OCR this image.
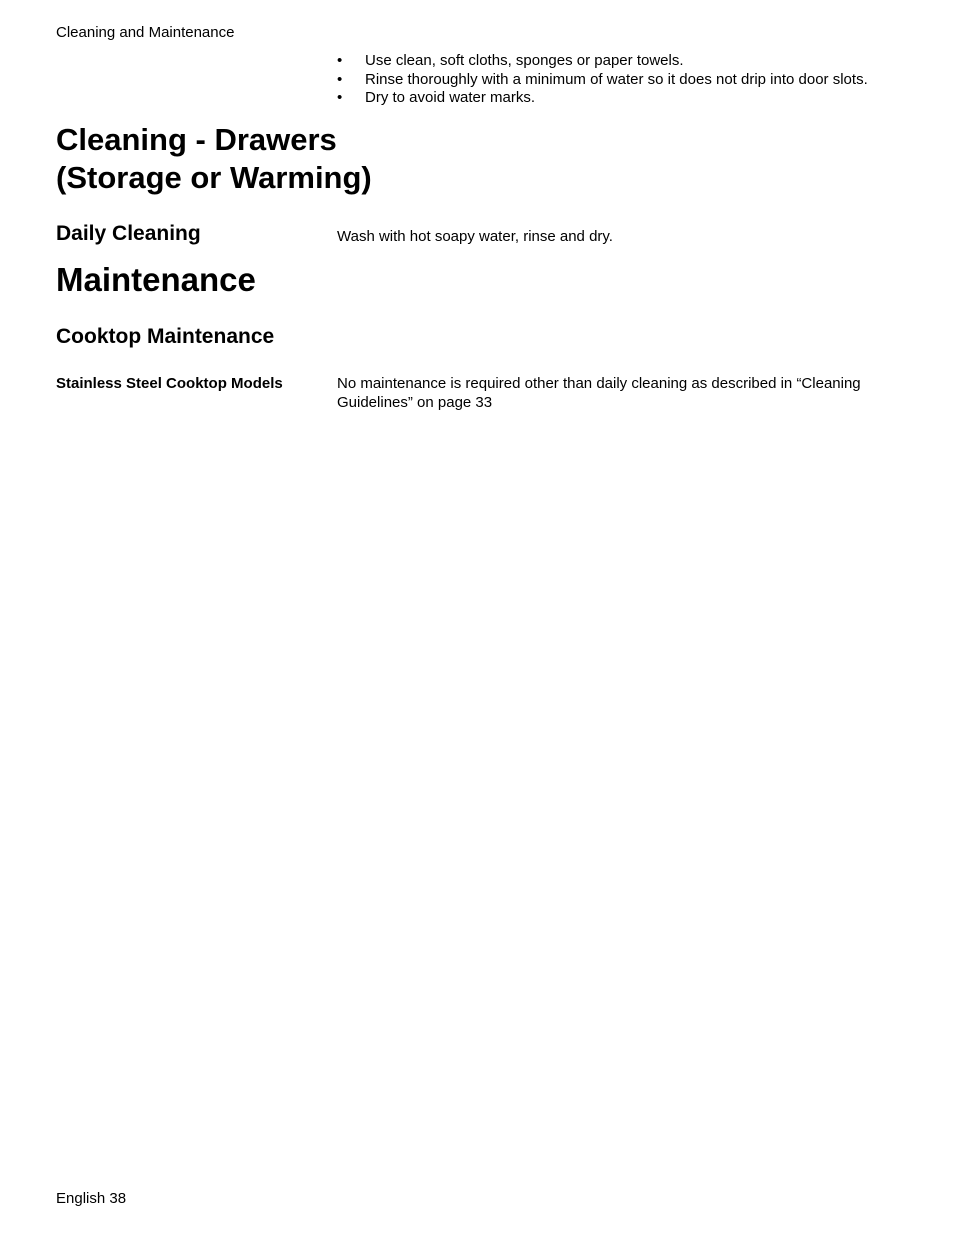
Cleaning and Maintenance
• Use clean, soft cloths, sponges or paper towels.
• Rinse thoroughly with a minimum of water so it does not drip into door slots.
• Dry to avoid water marks.
Cleaning - Drawers
(Storage or Warming)
Daily Cleaning	Wash with hot soapy water, rinse and dry.
Maintenance
Cooktop Maintenance
Stainless Steel Cooktop Models	No maintenance is required other than daily cleaning as described in “Cleaning Guidelines” on page 33
English 38
